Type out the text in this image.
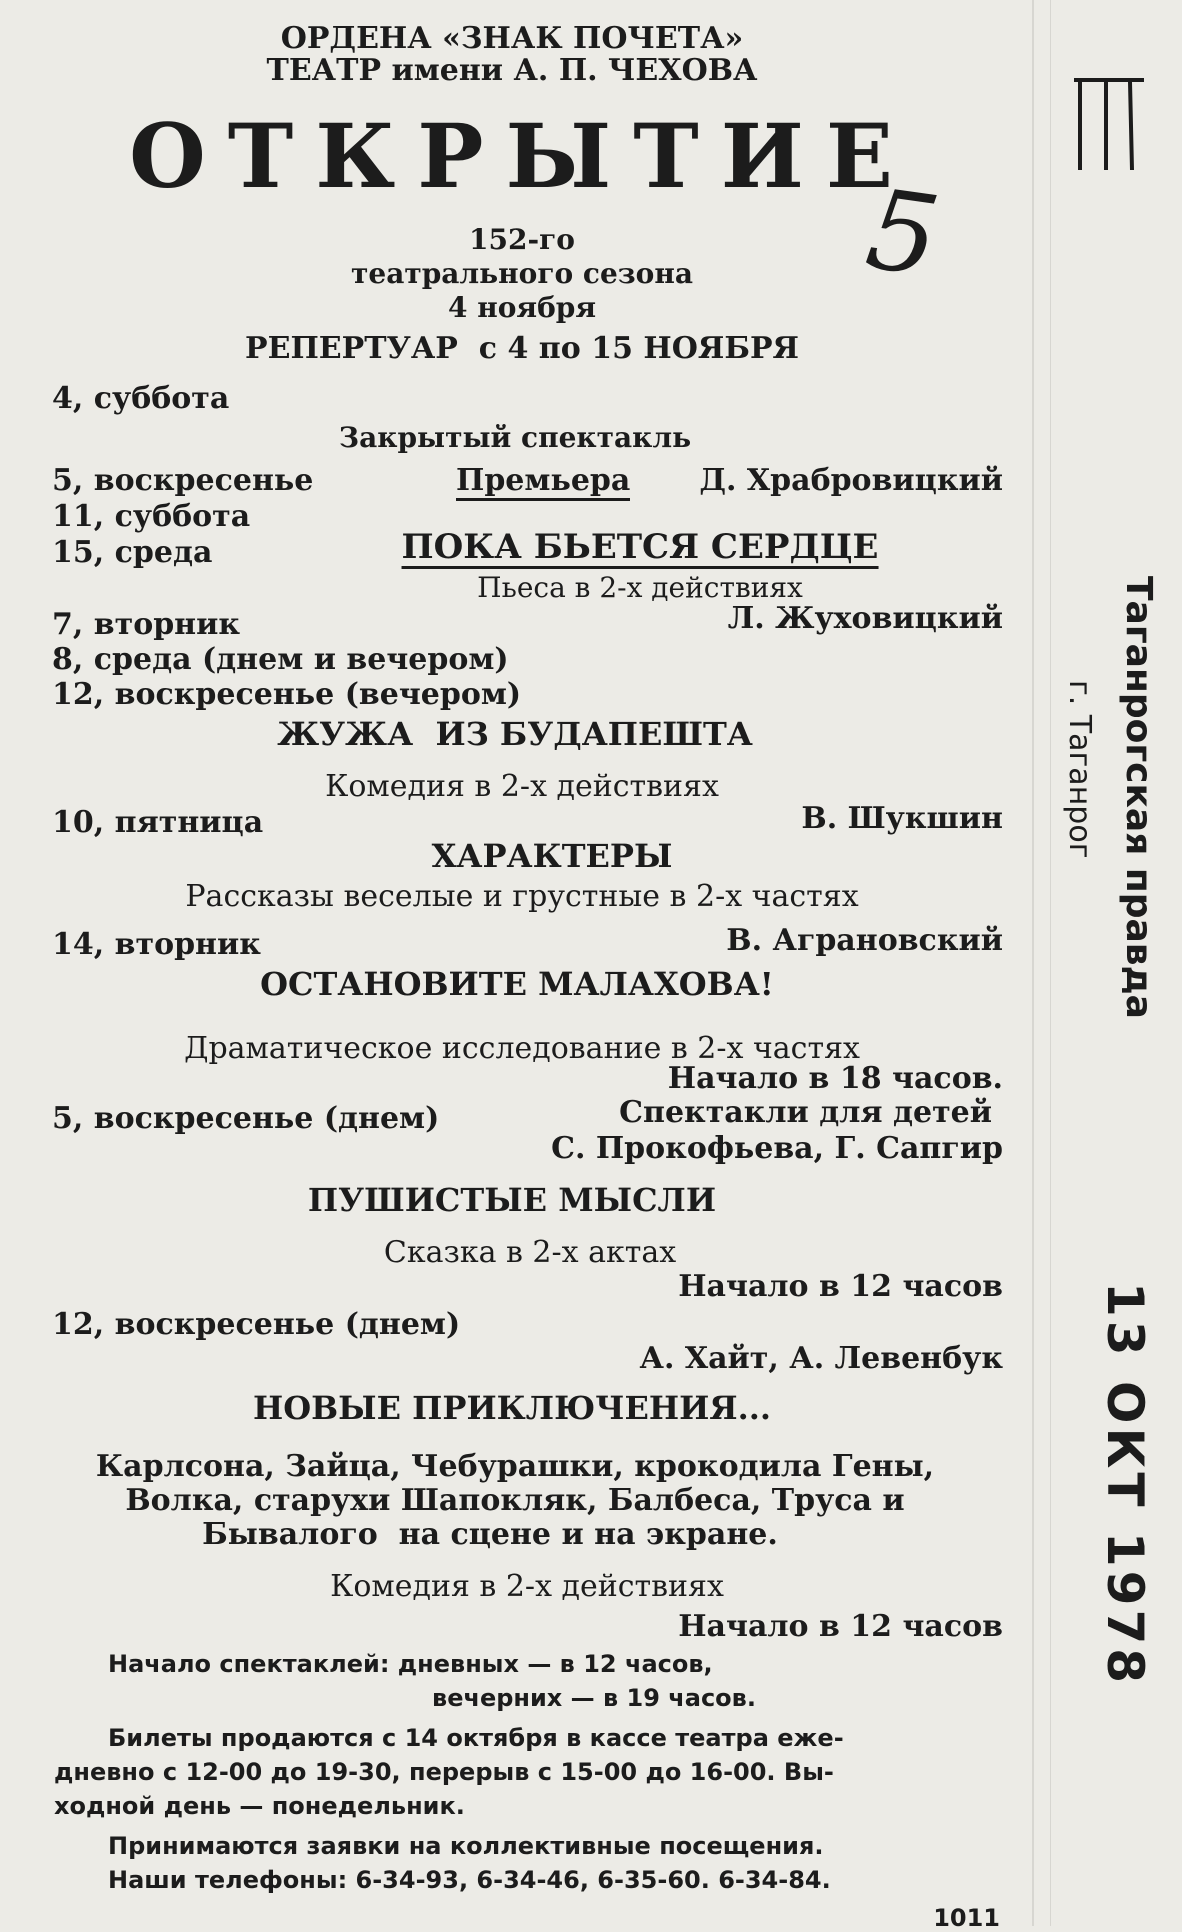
ОРДЕНА «ЗНАК ПОЧЕТА»

ТЕАТР имени А. П. ЧЕХОВА

ОТКРЫТИЕ

152-го

театрального сезона

4 ноября

РЕПЕРТУАР  с 4 по 15 НОЯБРЯ

4, суббота

Закрытый спектакль

5, воскресенье	Премьера Д. Храбровицкий

11, суббота

15, среда	ПОКА БЬЕТСЯ СЕРДЦЕ

Пьеса в 2-х действиях

7, вторник	Л. Жуховицкий

8, среда (днем и вечером)

12, воскресенье (вечером)

ЖУЖА  ИЗ БУДАПЕШТА

Комедия в 2-х действиях

10, пятница	В. Шукшин

ХАРАКТЕРЫ

Рассказы веселые и грустные в 2-х частях

14, вторник	В. Аграновский

ОСТАНОВИТЕ МАЛАХОВА!

Драматическое исследование в 2-х частях

Начало в 18 часов.

5, воскресенье (днем)	Спектакли для детей

С. Прокофьева, Г. Сапгир

ПУШИСТЫЕ МЫСЛИ

Сказка в 2-х актах

Начало в 12 часов

12, воскресенье (днем)

А. Хайт, А. Левенбук

НОВЫЕ ПРИКЛЮЧЕНИЯ...

Карлсона, Зайца, Чебурашки, крокодила Гены,

Волка, старухи Шапокляк, Балбеса, Труса и

Бывалого  на сцене и на экране.

Комедия в 2-х действиях

Начало в 12 часов

Начало спектаклей: дневных — в 12 часов,

вечерних — в 19 часов.

Билеты продаются с 14 октября в кассе театра еже-

дневно с 12-00 до 19-30, перерыв с 15-00 до 16-00. Вы-

ходной день — понедельник.

Принимаются заявки на коллективные посещения.

Наши телефоны: 6-34-93, 6-34-46, 6-35-60. 6-34-84.

1011

5

Таганрогская правда

г. Таганрог

13 ОКТ 1978
